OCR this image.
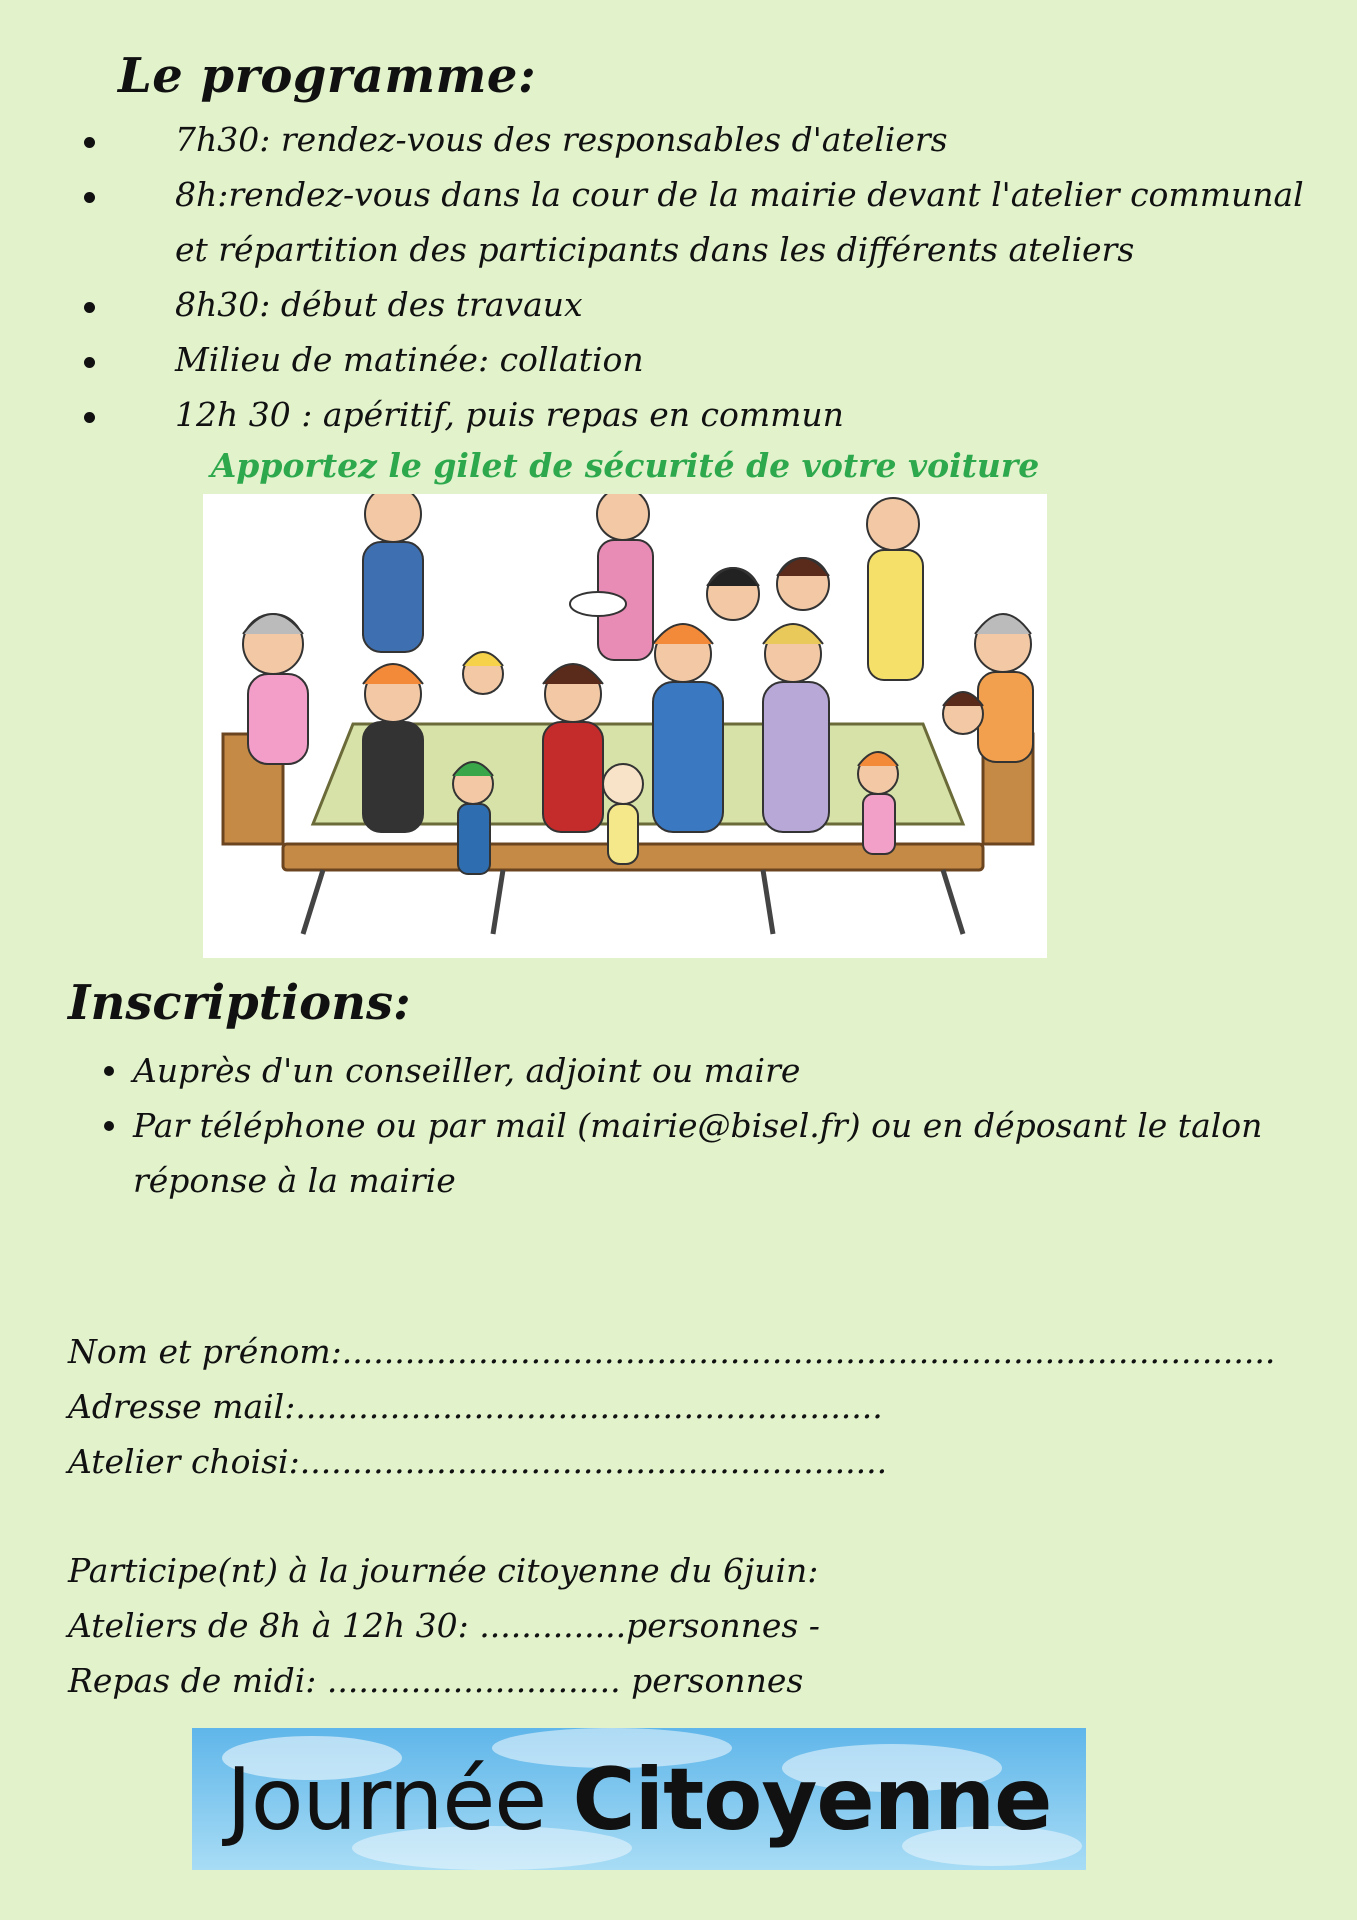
Le programme:
7h30: rendez-vous des responsables d'ateliers
8h:rendez-vous dans la cour de la mairie devant l'atelier communal et répartition des participants dans les différents ateliers
8h30: début des travaux
Milieu de matinée: collation
12h 30 : apéritif, puis repas en commun
Apportez le gilet de sécurité de votre voiture
Inscriptions:
Auprès d'un conseiller, adjoint ou maire
Par téléphone ou par mail (mairie@bisel.fr) ou en déposant le talon réponse à la mairie
Nom et prénom:.........................................................................................
Adresse mail:........................................................
Atelier choisi:........................................................
Participe(nt) à la journée citoyenne du 6juin:
Ateliers de 8h à 12h 30: ..............personnes -
Repas de midi: ............................ personnes
Journée Citoyenne
